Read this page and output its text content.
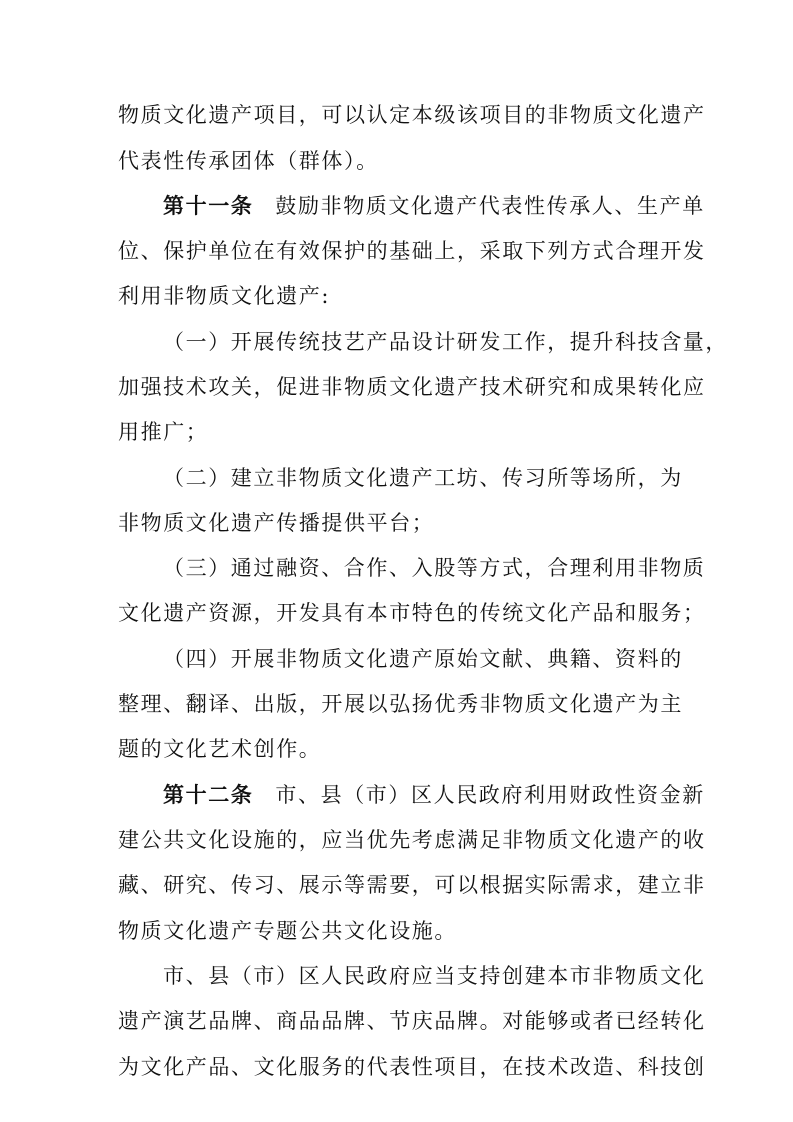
物质文化遗产项目，可以认定本级该项目的非物质文化遗产
代表性传承团体（群体）。
第十一条 鼓励非物质文化遗产代表性传承人、生产单
位、保护单位在有效保护的基础上，采取下列方式合理开发
利用非物质文化遗产:
（一）开展传统技艺产品设计研发工作，提升科技含量，
加强技术攻关，促进非物质文化遗产技术研究和成果转化应
用推广；
（二）建立非物质文化遗产工坊、传习所等场所，为
非物质文化遗产传播提供平台；
（三）通过融资、合作、入股等方式，合理利用非物质
文化遗产资源，开发具有本市特色的传统文化产品和服务；
（四）开展非物质文化遗产原始文献、典籍、资料的
整理、翻译、出版，开展以弘扬优秀非物质文化遗产为主
题的文化艺术创作。
第十二条 市、县（市）区人民政府利用财政性资金新
建公共文化设施的，应当优先考虑满足非物质文化遗产的收
藏、研究、传习、展示等需要，可以根据实际需求，建立非
物质文化遗产专题公共文化设施。
市、县（市）区人民政府应当支持创建本市非物质文化
遗产演艺品牌、商品品牌、节庆品牌。对能够或者已经转化
为文化产品、文化服务的代表性项目，在技术改造、科技创
